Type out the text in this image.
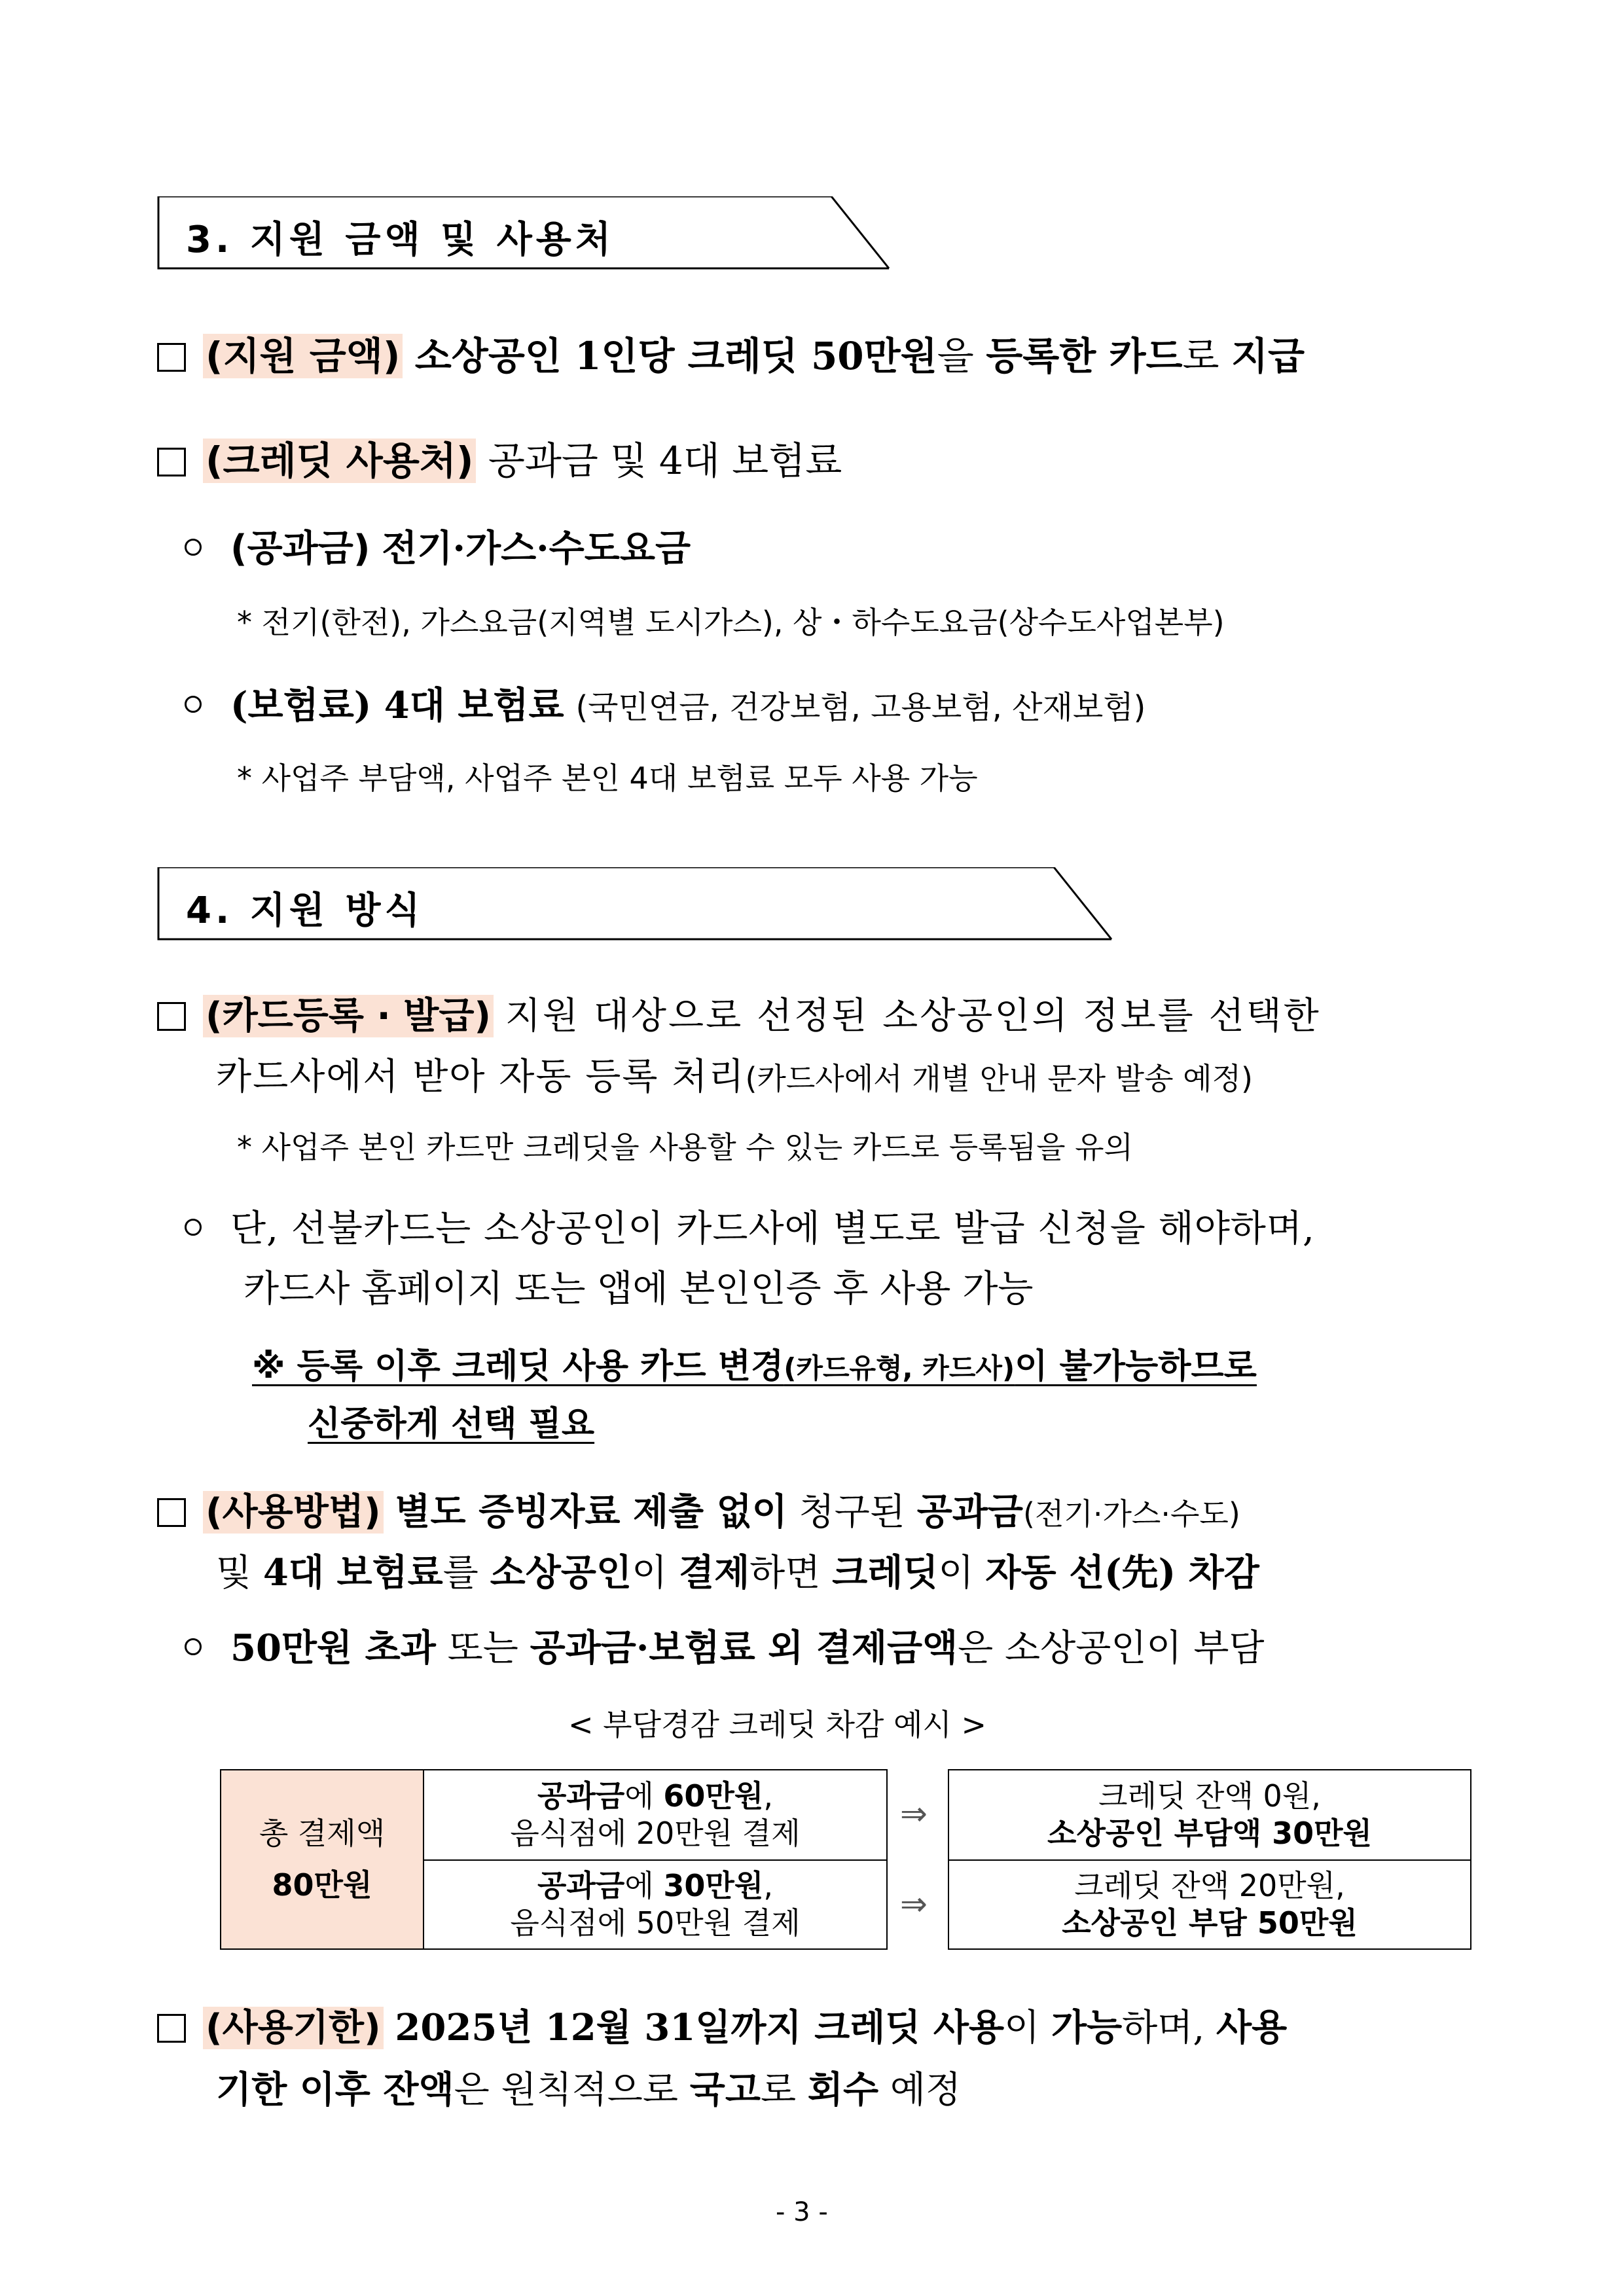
3. 지원 금액 및 사용처
(지원 금액) 소상공인 1인당 크레딧 50만원을 등록한 카드로 지급
(크레딧 사용처) 공과금 및 4대 보험료
(공과금) 전기·가스·수도요금
* 전기(한전), 가스요금(지역별 도시가스), 상・하수도요금(상수도사업본부)
(보험료) 4대 보험료 (국민연금, 건강보험, 고용보험, 산재보험)
* 사업주 부담액, 사업주 본인 4대 보험료 모두 사용 가능
4. 지원 방식
(카드등록 · 발급) 지원 대상으로 선정된 소상공인의 정보를 선택한
카드사에서 받아 자동 등록 처리(카드사에서 개별 안내 문자 발송 예정)
* 사업주 본인 카드만 크레딧을 사용할 수 있는 카드로 등록됨을 유의
단, 선불카드는 소상공인이 카드사에 별도로 발급 신청을 해야하며,
카드사 홈페이지 또는 앱에 본인인증 후 사용 가능
※ 등록 이후 크레딧 사용 카드 변경(카드유형, 카드사)이 불가능하므로
신중하게 선택 필요
(사용방법) 별도 증빙자료 제출 없이 청구된 공과금(전기·가스·수도)
및 4대 보험료를 소상공인이 결제하면 크레딧이 자동 선(先) 차감
50만원 초과 또는 공과금·보험료 외 결제금액은 소상공인이 부담
< 부담경감 크레딧 차감 예시 >
총 결제액
80만원
공과금에 60만원,
음식점에 20만원 결제
공과금에 30만원,
음식점에 50만원 결제
⇒
⇒
크레딧 잔액 0원,
소상공인 부담액 30만원
크레딧 잔액 20만원,
소상공인 부담 50만원
(사용기한) 2025년 12월 31일까지 크레딧 사용이 가능하며, 사용
기한 이후 잔액은 원칙적으로 국고로 회수 예정
- 3 -
